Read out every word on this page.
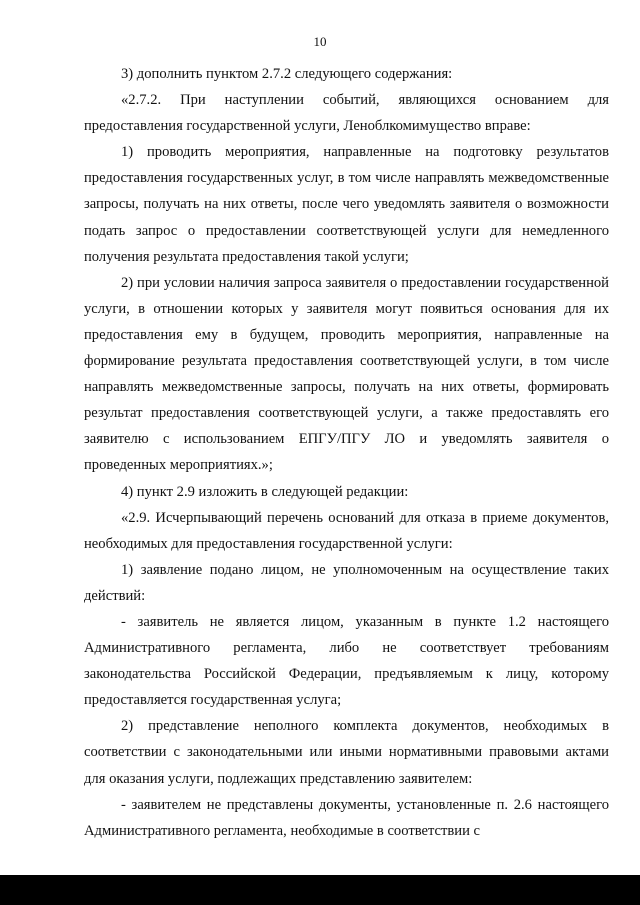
10

3) дополнить пунктом 2.7.2 следующего содержания:

«2.7.2. При наступлении событий, являющихся основанием для предоставления государственной услуги, Ленoблкомимущество вправе:

1) проводить мероприятия, направленные на подготовку результатов предоставления государственных услуг, в том числе направлять межведомственные запросы, получать на них ответы, после чего уведомлять заявителя о возможности подать запрос о предоставлении соответствующей услуги для немедленного получения результата предоставления такой услуги;

2) при условии наличия запроса заявителя о предоставлении государственной услуги, в отношении которых у заявителя могут появиться основания для их предоставления ему в будущем, проводить мероприятия, направленные на формирование результата предоставления соответствующей услуги, в том числе направлять межведомственные запросы, получать на них ответы, формировать результат предоставления соответствующей услуги, а также предоставлять его заявителю с использованием ЕПГУ/ПГУ ЛО и уведомлять заявителя о проведенных мероприятиях.»;

4) пункт 2.9 изложить в следующей редакции:

«2.9. Исчерпывающий перечень оснований для отказа в приеме документов, необходимых для предоставления государственной услуги:

1) заявление подано лицом, не уполномоченным на осуществление таких действий:

- заявитель не является лицом, указанным в пункте 1.2 настоящего Административного регламента, либо не соответствует требованиям законодательства Российской Федерации, предъявляемым к лицу, которому предоставляется государственная услуга;

2) представление неполного комплекта документов, необходимых в соответствии с законодательными или иными нормативными правовыми актами для оказания услуги, подлежащих представлению заявителем:

- заявителем не представлены документы, установленные п. 2.6 настоящего Административного регламента, необходимые в соответствии с
